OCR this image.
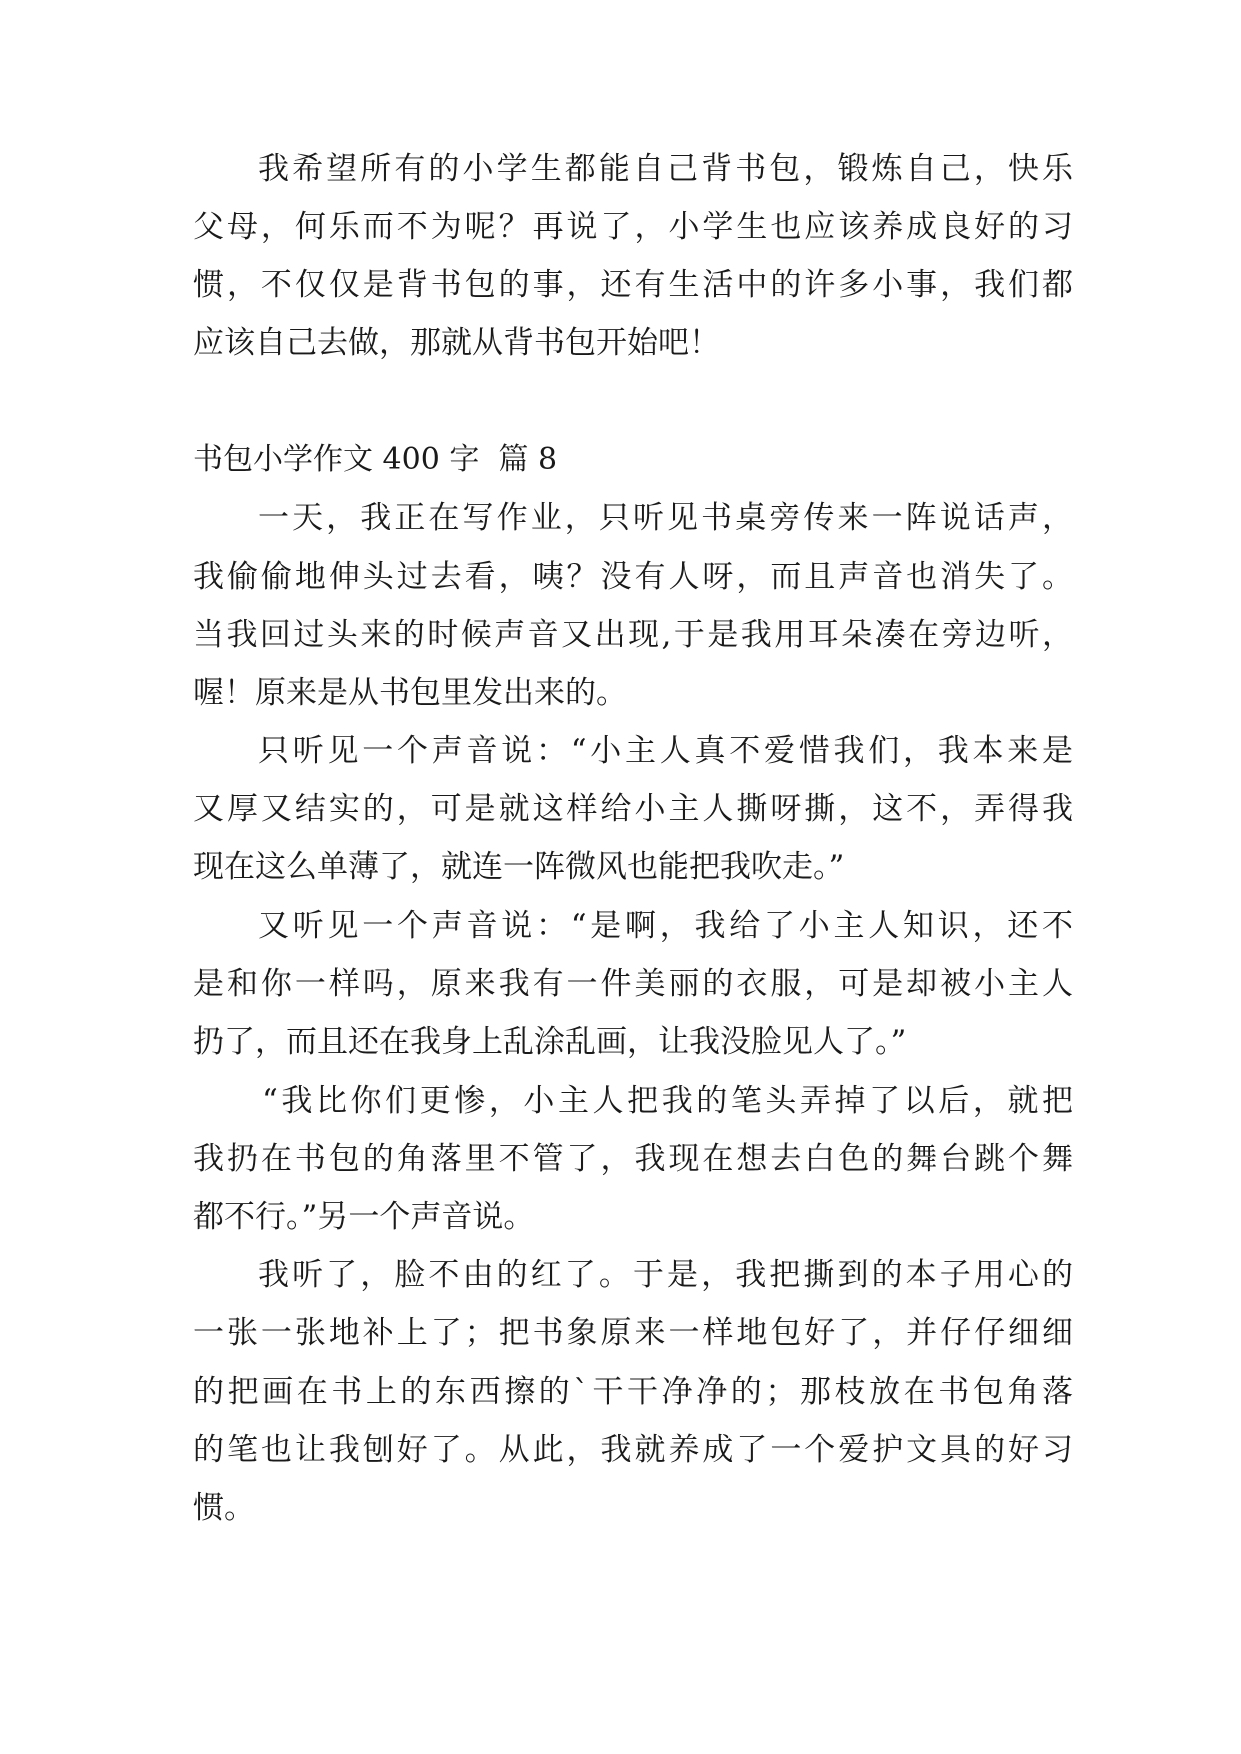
我希望所有的小学生都能自己背书包，锻炼自己，快乐
父母，何乐而不为呢？再说了，小学生也应该养成良好的习
惯，不仅仅是背书包的事，还有生活中的许多小事，我们都
应该自己去做，那就从背书包开始吧！
书包小学作文 400 字  篇 8
一天，我正在写作业，只听见书桌旁传来一阵说话声，
我偷偷地伸头过去看，咦？没有人呀，而且声音也消失了。
当我回过头来的时候声音又出现,于是我用耳朵凑在旁边听，
喔！原来是从书包里发出来的。
只听见一个声音说：“小主人真不爱惜我们，我本来是
又厚又结实的，可是就这样给小主人撕呀撕，这不，弄得我
现在这么单薄了，就连一阵微风也能把我吹走。”
又听见一个声音说：“是啊，我给了小主人知识，还不
是和你一样吗，原来我有一件美丽的衣服，可是却被小主人
扔了，而且还在我身上乱涂乱画，让我没脸见人了。”
“我比你们更惨，小主人把我的笔头弄掉了以后，就把
我扔在书包的角落里不管了，我现在想去白色的舞台跳个舞
都不行。”另一个声音说。
我听了，脸不由的红了。于是，我把撕到的本子用心的
一张一张地补上了；把书象原来一样地包好了，并仔仔细细
的把画在书上的东西擦的`干干净净的；那枝放在书包角落
的笔也让我刨好了。从此，我就养成了一个爱护文具的好习
惯。
